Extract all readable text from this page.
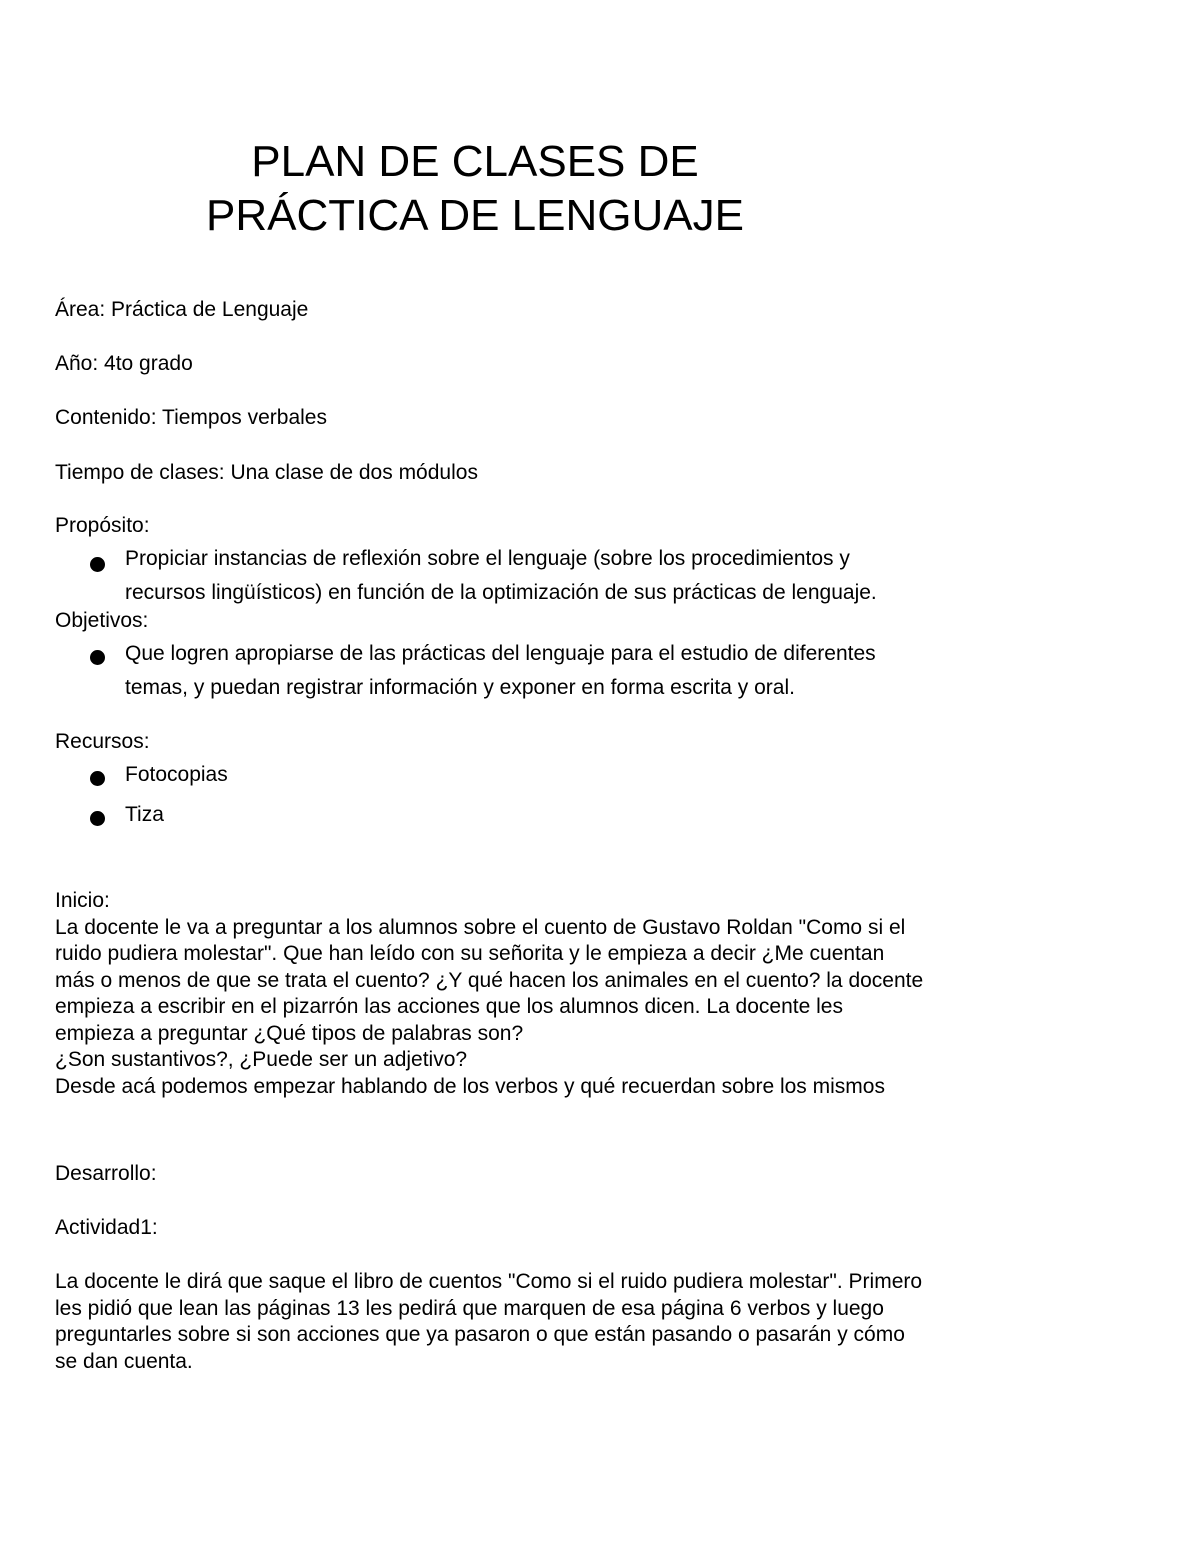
PLAN DE CLASES DE
PRÁCTICA DE LENGUAJE

Área: Práctica de Lenguaje

Año: 4to grado

Contenido: Tiempos verbales

Tiempo de clases: Una clase de dos módulos

Propósito:

Propiciar instancias de reflexión sobre el lenguaje (sobre los procedimientos y

recursos lingüísticos) en función de la optimización de sus prácticas de lenguaje.

Objetivos:

Que logren apropiarse de las prácticas del lenguaje para el estudio de diferentes

temas, y puedan registrar información y exponer en forma escrita y oral.

Recursos:

Fotocopias

Tiza

Inicio:
La docente le va a preguntar a los alumnos sobre el cuento de Gustavo Roldan "Como si el
ruido pudiera molestar". Que han leído con su señorita y le empieza a decir ¿Me cuentan
más o menos de que se trata el cuento? ¿Y qué hacen los animales en el cuento? la docente
empieza a escribir en el pizarrón las acciones que los alumnos dicen. La docente les
empieza a preguntar ¿Qué tipos de palabras son?
¿Son sustantivos?, ¿Puede ser un adjetivo?
Desde acá podemos empezar hablando de los verbos y qué recuerdan sobre los mismos

Desarrollo:

Actividad1:

La docente le dirá que saque el libro de cuentos "Como si el ruido pudiera molestar". Primero
les pidió que lean las páginas 13 les pedirá que marquen de esa página 6 verbos y luego
preguntarles sobre si son acciones que ya pasaron o que están pasando o pasarán y cómo
se dan cuenta.
